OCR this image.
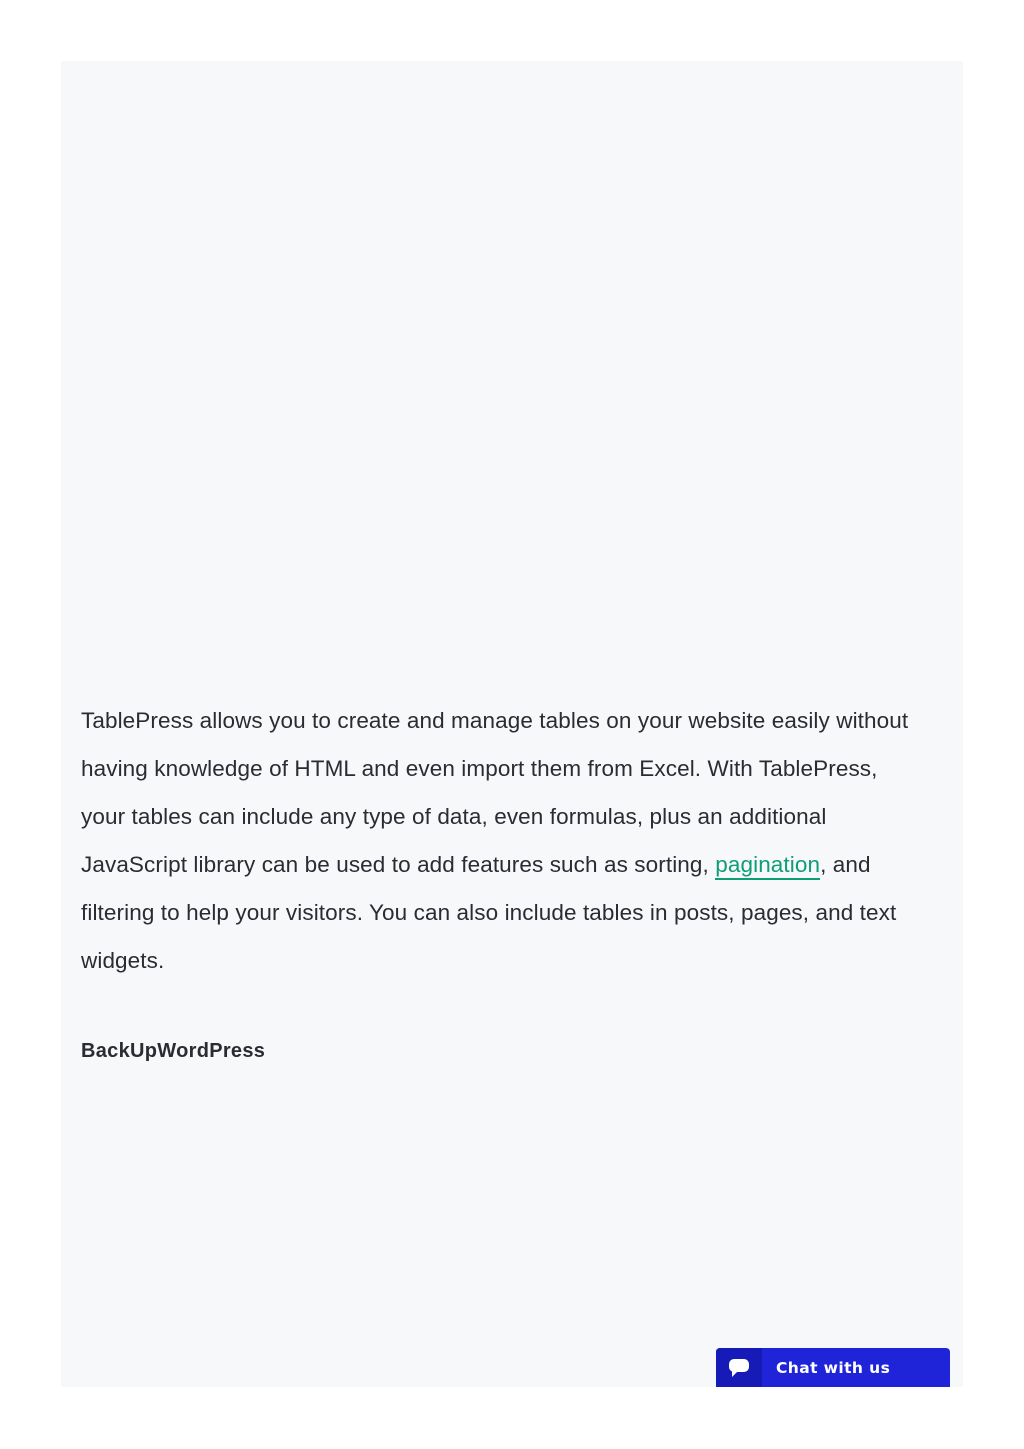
TablePress allows you to create and manage tables on your website easily without having knowledge of HTML and even import them from Excel. With TablePress, your tables can include any type of data, even formulas, plus an additional JavaScript library can be used to add features such as sorting, pagination, and filtering to help your visitors. You can also include tables in posts, pages, and text widgets.

BackUpWordPress
Chat with us
